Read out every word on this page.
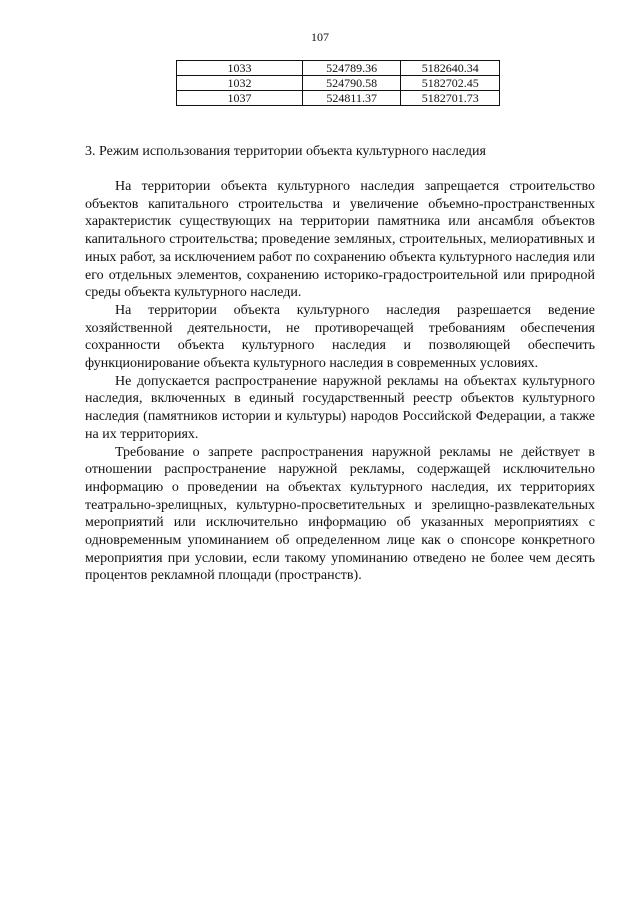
107
1033	524789.36	5182640.34
1032	524790.58	5182702.45
1037	524811.37	5182701.73
3. Режим использования территории объекта культурного наследия

На территории объекта культурного наследия запрещается строительство объектов капитального строительства и увеличение объемно-пространственных характеристик существующих на территории памятника или ансамбля объектов капитального строительства; проведение земляных, строительных, мелиоративных и иных работ, за исключением работ по сохранению объекта культурного наследия или его отдельных элементов, сохранению историко-градостроительной или природной среды объекта культурного наследи.

На территории объекта культурного наследия разрешается ведение хозяйственной деятельности, не противоречащей требованиям обеспечения сохранности объекта культурного наследия и позволяющей обеспечить функционирование объекта культурного наследия в современных условиях.

Не допускается распространение наружной рекламы на объектах культурного наследия, включенных в единый государственный реестр объектов культурного наследия (памятников истории и культуры) народов Российской Федерации, а также на их территориях.

Требование о запрете распространения наружной рекламы не действует в отношении распространение наружной рекламы, содержащей исключительно информацию о проведении на объектах культурного наследия, их территориях театрально-зрелищных, культурно-просветительных и зрелищно-развлекательных мероприятий или исключительно информацию об указанных мероприятиях с одновременным упоминанием об определенном лице как о спонсоре конкретного мероприятия при условии, если такому упоминанию отведено не более чем десять процентов рекламной площади (пространств).
